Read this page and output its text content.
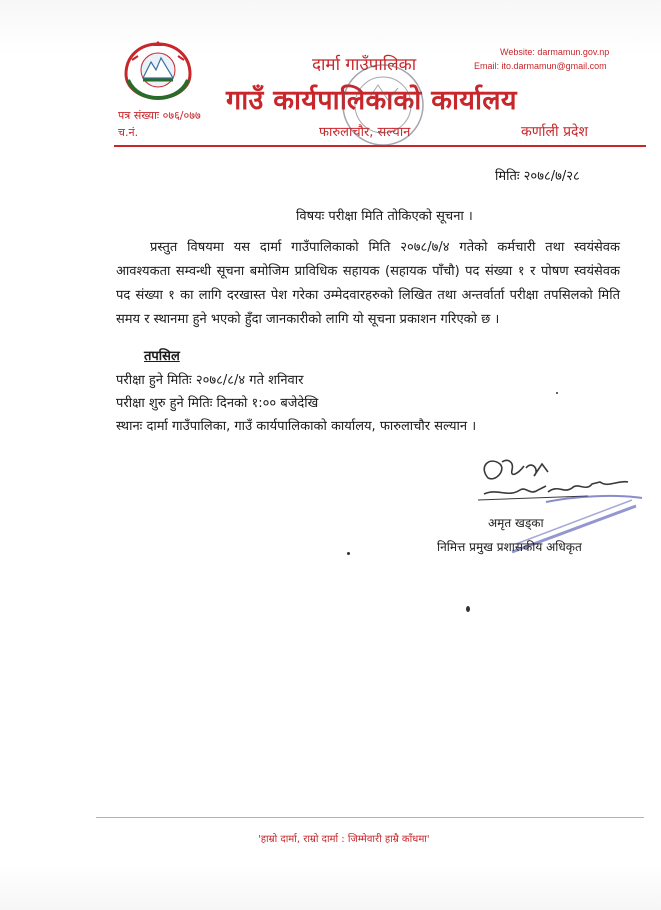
दार्मा गाउँपालिका
गाउँ कार्यपालिकाको कार्यालय
Website: darmamun.gov.np
Email: ito.darmamun@gmail.com
पत्र संख्याः ०७६/०७७
च.नं.	फारुलाचौर, सल्यान	कर्णाली प्रदेश
मितिः २०७८/७/२८
विषयः परीक्षा मिति तोकिएको सूचना ।
प्रस्तुत विषयमा यस दार्मा गाउँपालिकाको मिति २०७८/७/४ गतेको कर्मचारी तथा स्वयंसेवक आवश्यकता सम्वन्धी सूचना बमोजिम प्राविधिक सहायक (सहायक पाँचौ) पद संख्या १ र पोषण स्वयंसेवक पद संख्या १ का लागि दरखास्त पेश गरेका उम्मेदवारहरुको लिखित तथा अन्तर्वार्ता परीक्षा तपसिलको मिति समय र स्थानमा हुने भएको हुँदा जानकारीको लागि यो सूचना प्रकाशन गरिएको छ ।
तपसिल
परीक्षा हुने मितिः २०७८/८/४ गते शनिवार
परीक्षा शुरु हुने मितिः दिनको १:०० बजेदेखि
स्थानः दार्मा गाउँपालिका, गाउँ कार्यपालिकाको कार्यालय, फारुलाचौर सल्यान ।
अमृत खड्का
निमित्त प्रमुख प्रशासकीय अधिकृत
'हाम्रो दार्मा, राम्रो दार्मा : जिम्मेवारी हाम्रै काँधमा'
